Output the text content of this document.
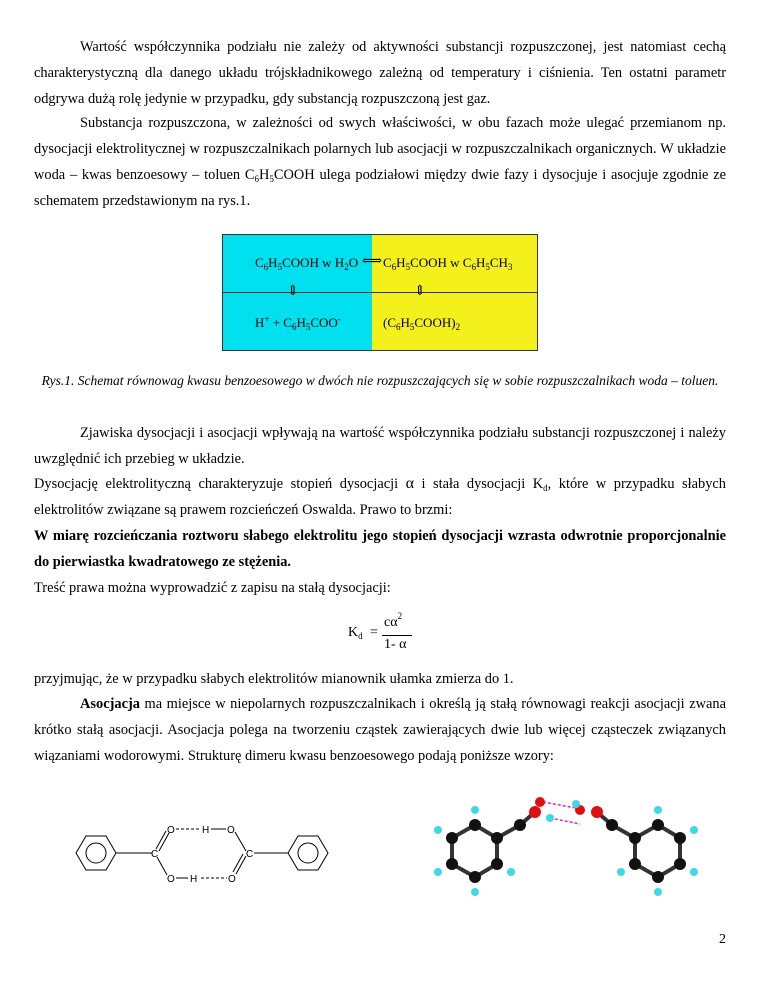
Wartość współczynnika podziału nie zależy od aktywności substancji rozpuszczonej, jest natomiast cechą charakterystyczną dla danego układu trójskładnikowego zależną od temperatury i ciśnienia. Ten ostatni parametr odgrywa dużą rolę jedynie w przypadku, gdy substancją rozpuszczoną jest gaz.

Substancja rozpuszczona, w zależności od swych właściwości, w obu fazach może ulegać przemianom np. dysocjacji elektrolitycznej w rozpuszczalnikach polarnych lub asocjacji w rozpuszczalnikach organicznych. W układzie woda – kwas benzoesowy – toluen $C_6H_5COOH$ ulega podziałowi między dwie fazy i dysocjuje i asocjuje zgodnie ze schematem przedstawionym na rys.1.

$C_6H_5COOH$ w $H_2O$ ⟺ $C_6H_5COOH$ w $C_6H_5CH_3$
⇕	⇕
$H^+ + C_6H_5COO^-$	$(C_6H_5COOH)_2$
Rys.1. Schemat równowag kwasu benzoesowego w dwóch nie rozpuszczających się w sobie rozpuszczalnikach woda – toluen.

Zjawiska dysocjacji i asocjacji wpływają na wartość współczynnika podziału substancji rozpuszczonej i należy uwzględnić ich przebieg w układzie.

Dysocjację elektrolityczną charakteryzuje stopień dysocjacji α i stała dysocjacji $K_d$, które w przypadku słabych elektrolitów związane są prawem rozcieńczeń Oswalda. Prawo to brzmi:

W miarę rozcieńczania roztworu słabego elektrolitu jego stopień dysocjacji wzrasta odwrotnie proporcjonalnie do pierwiastka kwadratowego ze stężenia.

Treść prawa można wyprowadzić z zapisu na stałą dysocjacji:

$K_d$ =
$c\alpha^2$
1- α

przyjmując, że w przypadku słabych elektrolitów mianownik ułamka zmierza do 1.

Asocjacja ma miejsce w niepolarnych rozpuszczalnikach i określą ją stałą równowagi reakcji asocjacji zwana krótko stałą asocjacji. Asocjacja polega na tworzeniu cząstek zawierających dwie lub więcej cząsteczek związanych wiązaniami wodorowymi. Strukturę dimeru kwasu benzoesowego podają poniższe wzory:

C
O
O
H
H
O
O
C
2
